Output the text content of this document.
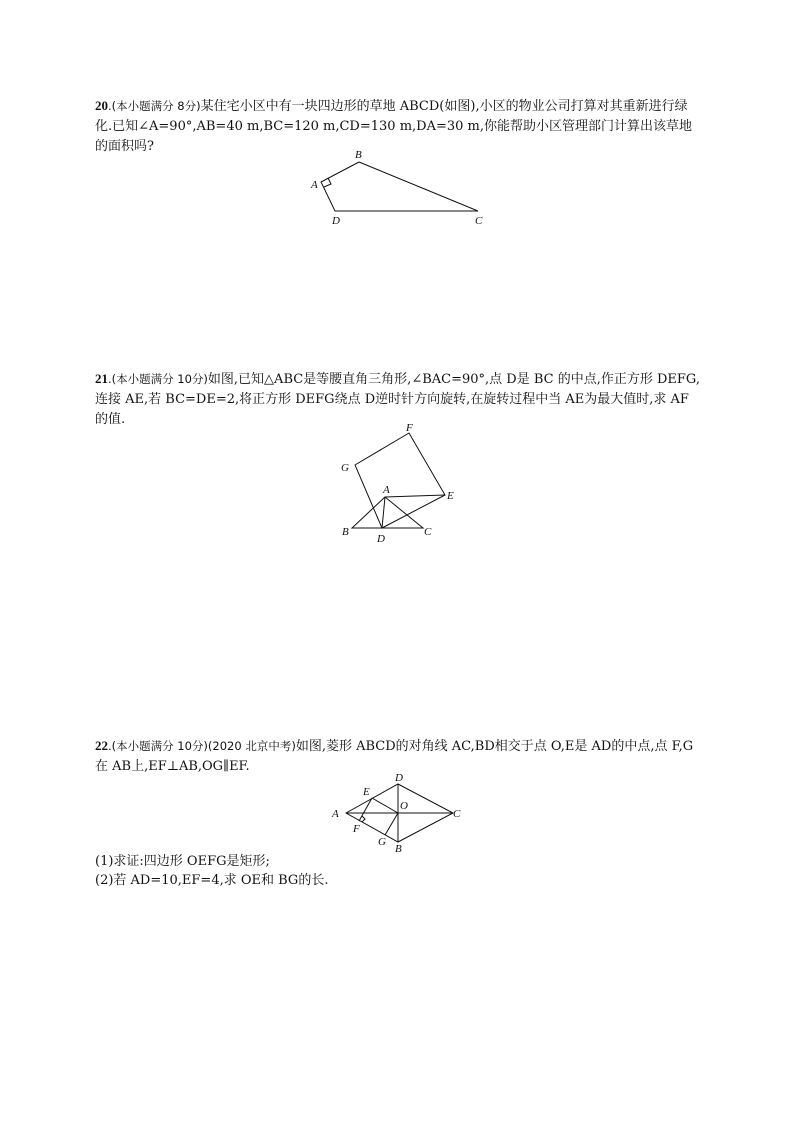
20.(本小题满分 8分)某住宅小区中有一块四边形的草地 ABCD(如图),小区的物业公司打算对其重新进行绿化.已知∠A=90°,AB=40 m,BC=120 m,CD=130 m,DA=30 m,你能帮助小区管理部门计算出该草地的面积吗?
B
A
D	C
21.(本小题满分 10分)如图,已知△ABC是等腰直角三角形,∠BAC=90°,点 D是 BC 的中点,作正方形 DEFG,连接 AE,若 BC=DE=2,将正方形 DEFG绕点 D逆时针方向旋转,在旋转过程中当 AE为最大值时,求 AF的值.
F
G
A	E
B	C
D
22.(本小题满分 10分)(2020 北京中考)如图,菱形 ABCD的对角线 AC,BD相交于点 O,E是 AD的中点,点 F,G在 AB上,EF⊥AB,OG∥EF.
D
E
A
O
C
F
G
B
(1)求证:四边形 OEFG是矩形;
(2)若 AD=10,EF=4,求 OE和 BG的长.
